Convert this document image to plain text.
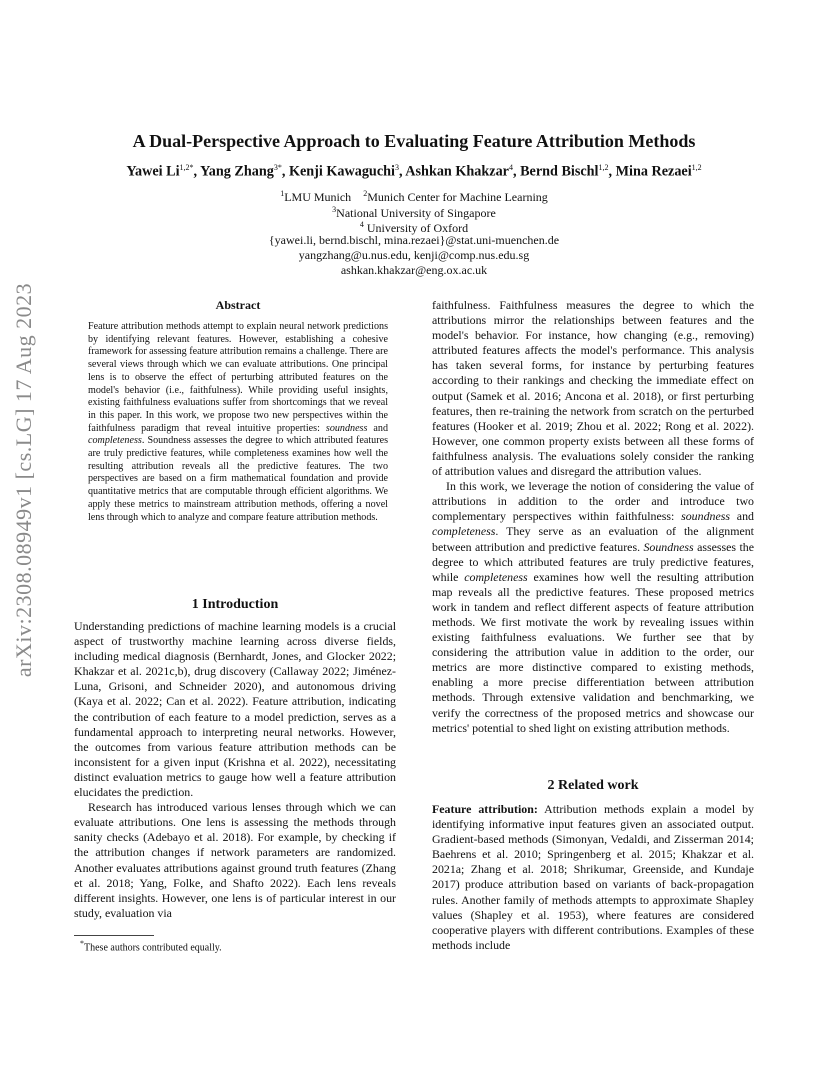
arXiv:2308.08949v1 [cs.LG] 17 Aug 2023
A Dual-Perspective Approach to Evaluating Feature Attribution Methods
Yawei $Li^{1,2*}$, Yang Zhang$^{3*}$, Kenji Kawaguchi$^3$, Ashkan Khakzar$^4$, Bernd Bischl$^{1,2}$, Mina Rezaei$^{1,2}$
$^1$LMU Munich $^2$Munich Center for Machine Learning
$^3$National University of Singapore
$^4$ University of Oxford
{yawei.li, bernd.bischl, mina.rezaei}@stat.uni-muenchen.de
yangzhang@u.nus.edu, kenji@comp.nus.edu.sg
ashkan.khakzar@eng.ox.ac.uk
Abstract
Feature attribution methods attempt to explain neural network predictions by identifying relevant features. However, establishing a cohesive framework for assessing feature attribution remains a challenge. There are several views through which we can evaluate attributions. One principal lens is to observe the effect of perturbing attributed features on the model's behavior (i.e., faithfulness). While providing useful insights, existing faithfulness evaluations suffer from shortcomings that we reveal in this paper. In this work, we propose two new perspectives within the faithfulness paradigm that reveal intuitive properties: soundness and completeness. Soundness assesses the degree to which attributed features are truly predictive features, while completeness examines how well the resulting attribution reveals all the predictive features. The two perspectives are based on a firm mathematical foundation and provide quantitative metrics that are computable through efficient algorithms. We apply these metrics to mainstream attribution methods, offering a novel lens through which to analyze and compare feature attribution methods.
1 Introduction

Understanding predictions of machine learning models is a crucial aspect of trustworthy machine learning across diverse fields, including medical diagnosis (Bernhardt, Jones, and Glocker 2022; Khakzar et al. 2021c,b), drug discovery (Callaway 2022; Jiménez-Luna, Grisoni, and Schneider 2020), and autonomous driving (Kaya et al. 2022; Can et al. 2022). Feature attribution, indicating the contribution of each feature to a model prediction, serves as a fundamental approach to interpreting neural networks. However, the outcomes from various feature attribution methods can be inconsistent for a given input (Krishna et al. 2022), necessitating distinct evaluation metrics to gauge how well a feature attribution elucidates the prediction.

Research has introduced various lenses through which we can evaluate attributions. One lens is assessing the methods through sanity checks (Adebayo et al. 2018). For example, by checking if the attribution changes if network parameters are randomized. Another evaluates attributions against ground truth features (Zhang et al. 2018; Yang, Folke, and Shafto 2022). Each lens reveals different insights. However, one lens is of particular interest in our study, evaluation via

*These authors contributed equally.

faithfulness. Faithfulness measures the degree to which the attributions mirror the relationships between features and the model's behavior. For instance, how changing (e.g., removing) attributed features affects the model's performance. This analysis has taken several forms, for instance by perturbing features according to their rankings and checking the immediate effect on output (Samek et al. 2016; Ancona et al. 2018), or first perturbing features, then re-training the network from scratch on the perturbed features (Hooker et al. 2019; Zhou et al. 2022; Rong et al. 2022). However, one common property exists between all these forms of faithfulness analysis. The evaluations solely consider the ranking of attribution values and disregard the attribution values.

In this work, we leverage the notion of considering the value of attributions in addition to the order and introduce two complementary perspectives within faithfulness: soundness and completeness. They serve as an evaluation of the alignment between attribution and predictive features. Soundness assesses the degree to which attributed features are truly predictive features, while completeness examines how well the resulting attribution map reveals all the predictive features. These proposed metrics work in tandem and reflect different aspects of feature attribution methods. We first motivate the work by revealing issues within existing faithfulness evaluations. We further see that by considering the attribution value in addition to the order, our metrics are more distinctive compared to existing methods, enabling a more precise differentiation between attribution methods. Through extensive validation and benchmarking, we verify the correctness of the proposed metrics and showcase our metrics' potential to shed light on existing attribution methods.

2 Related work

Feature attribution: Attribution methods explain a model by identifying informative input features given an associated output. Gradient-based methods (Simonyan, Vedaldi, and Zisserman 2014; Baehrens et al. 2010; Springenberg et al. 2015; Khakzar et al. 2021a; Zhang et al. 2018; Shrikumar, Greenside, and Kundaje 2017) produce attribution based on variants of back-propagation rules. Another family of methods attempts to approximate Shapley values (Shapley et al. 1953), where features are considered cooperative players with different contributions. Examples of these methods include
